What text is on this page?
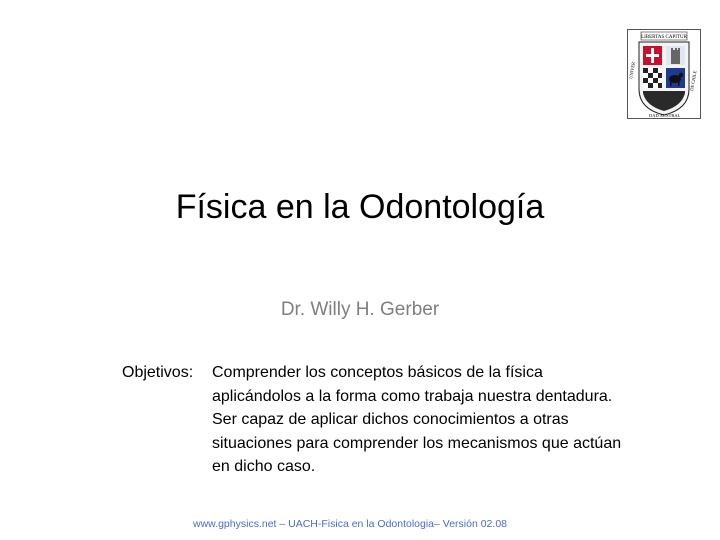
LIBERTAS CAPITUR
UNIVER
DAD AUSTRAL
DE CHILE
Física en la Odontología
Dr. Willy H. Gerber
Objetivos: Comprender los conceptos básicos de la física
aplicándolos a la forma como trabaja nuestra dentadura.
Ser capaz de aplicar dichos conocimientos a otras
situaciones para comprender los mecanismos que actúan
en dicho caso.
www.gphysics.net – UACH-Fisica en la Odontologia– Versión 02.08
